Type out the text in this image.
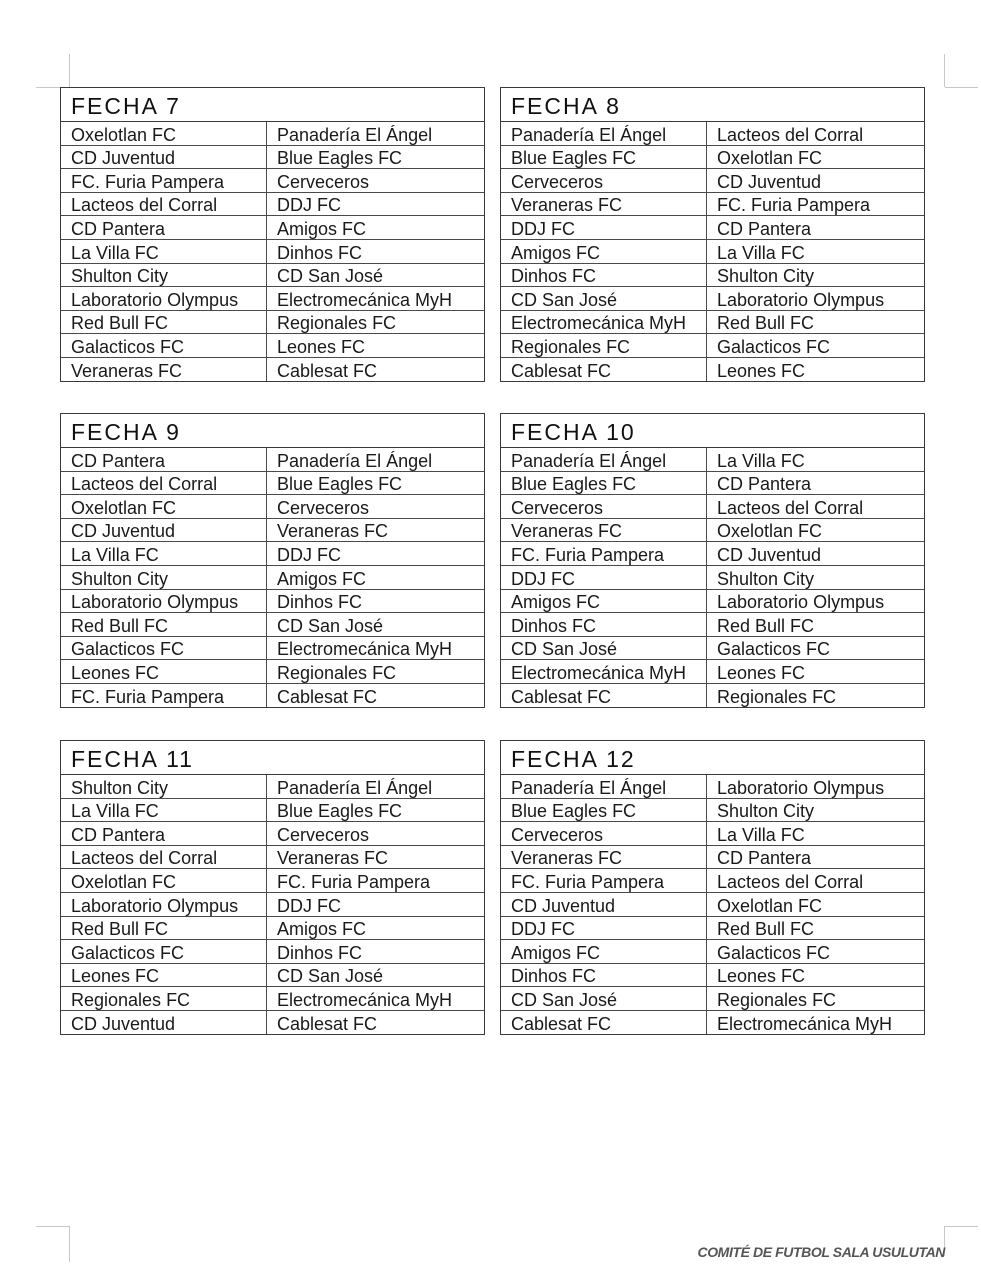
FECHA 7
Oxelotlan FC	Panadería El Ángel
CD Juventud	Blue Eagles FC
FC. Furia Pampera	Cerveceros
Lacteos del Corral	DDJ FC
CD Pantera	Amigos FC
La Villa FC	Dinhos FC
Shulton City	CD San José
Laboratorio Olympus	Electromecánica MyH
Red Bull FC	Regionales FC
Galacticos FC	Leones FC
Veraneras FC	Cablesat FC
FECHA 8
Panadería El Ángel	Lacteos del Corral
Blue Eagles FC	Oxelotlan FC
Cerveceros	CD Juventud
Veraneras FC	FC. Furia Pampera
DDJ FC	CD Pantera
Amigos FC	La Villa FC
Dinhos FC	Shulton City
CD San José	Laboratorio Olympus
Electromecánica MyH	Red Bull FC
Regionales FC	Galacticos FC
Cablesat FC	Leones FC
FECHA 9
CD Pantera	Panadería El Ángel
Lacteos del Corral	Blue Eagles FC
Oxelotlan FC	Cerveceros
CD Juventud	Veraneras FC
La Villa FC	DDJ FC
Shulton City	Amigos FC
Laboratorio Olympus	Dinhos FC
Red Bull FC	CD San José
Galacticos FC	Electromecánica MyH
Leones FC	Regionales FC
FC. Furia Pampera	Cablesat FC
FECHA 10
Panadería El Ángel	La Villa FC
Blue Eagles FC	CD Pantera
Cerveceros	Lacteos del Corral
Veraneras FC	Oxelotlan FC
FC. Furia Pampera	CD Juventud
DDJ FC	Shulton City
Amigos FC	Laboratorio Olympus
Dinhos FC	Red Bull FC
CD San José	Galacticos FC
Electromecánica MyH	Leones FC
Cablesat FC	Regionales FC
FECHA 11
Shulton City	Panadería El Ángel
La Villa FC	Blue Eagles FC
CD Pantera	Cerveceros
Lacteos del Corral	Veraneras FC
Oxelotlan FC	FC. Furia Pampera
Laboratorio Olympus	DDJ FC
Red Bull FC	Amigos FC
Galacticos FC	Dinhos FC
Leones FC	CD San José
Regionales FC	Electromecánica MyH
CD Juventud	Cablesat FC
FECHA 12
Panadería El Ángel	Laboratorio Olympus
Blue Eagles FC	Shulton City
Cerveceros	La Villa FC
Veraneras FC	CD Pantera
FC. Furia Pampera	Lacteos del Corral
CD Juventud	Oxelotlan FC
DDJ FC	Red Bull FC
Amigos FC	Galacticos FC
Dinhos FC	Leones FC
CD San José	Regionales FC
Cablesat FC	Electromecánica MyH
COMITÉ DE FUTBOL SALA USULUTAN
